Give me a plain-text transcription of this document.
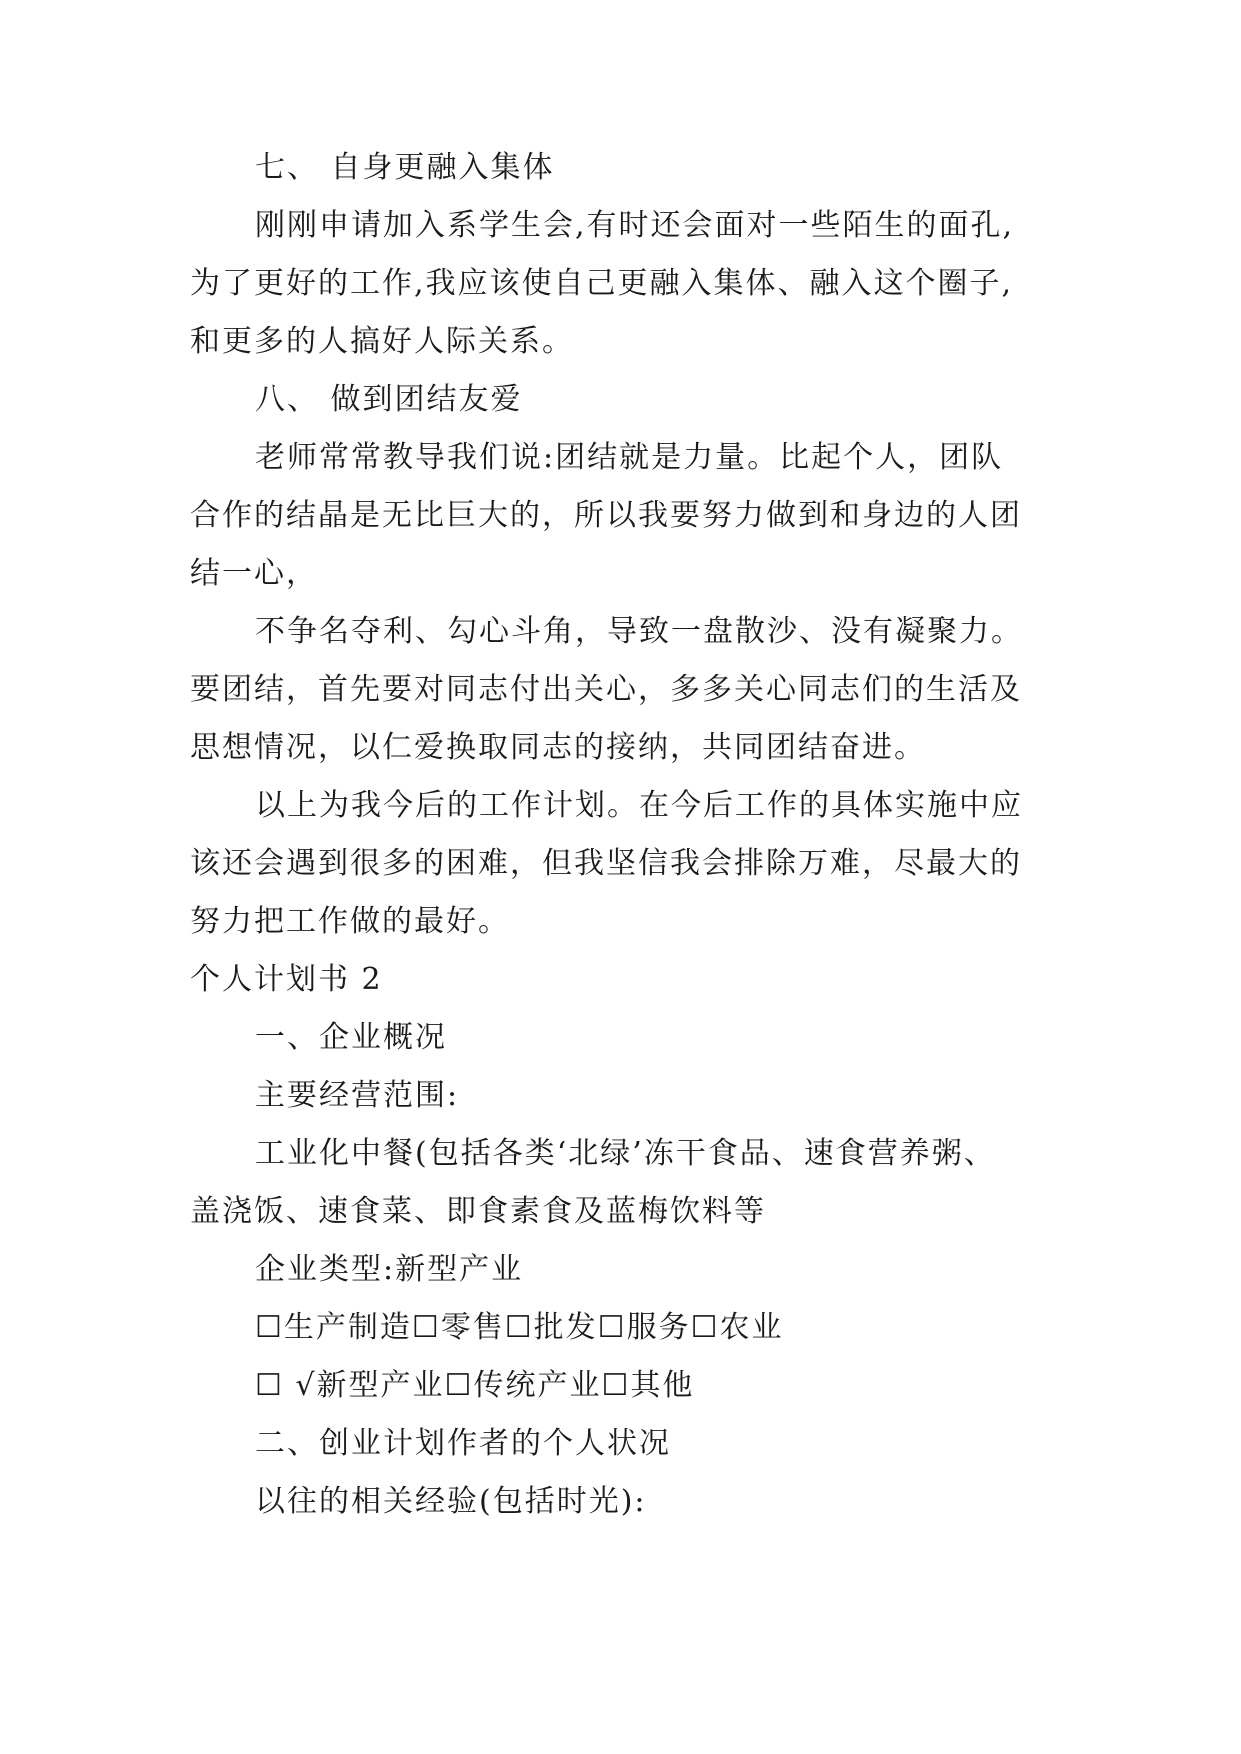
七、 自身更融入集体
刚刚申请加入系学生会,有时还会面对一些陌生的面孔,
为了更好的工作,我应该使自己更融入集体、融入这个圈子,
和更多的人搞好人际关系。
八、 做到团结友爱
老师常常教导我们说:团结就是力量。比起个人，团队
合作的结晶是无比巨大的，所以我要努力做到和身边的人团
结一心，
不争名夺利、勾心斗角，导致一盘散沙、没有凝聚力。
要团结，首先要对同志付出关心，多多关心同志们的生活及
思想情况，以仁爱换取同志的接纳，共同团结奋进。
以上为我今后的工作计划。在今后工作的具体实施中应
该还会遇到很多的困难，但我坚信我会排除万难，尽最大的
努力把工作做的最好。
个人计划书 2
一、企业概况
主要经营范围:
工业化中餐(包括各类‘北绿’冻干食品、速食营养粥、
盖浇饭、速食菜、即食素食及蓝梅饮料等
企业类型:新型产业
☐生产制造☐零售☐批发☐服务☐农业
☐ √新型产业☐传统产业☐其他
二、创业计划作者的个人状况
以往的相关经验(包括时光):
